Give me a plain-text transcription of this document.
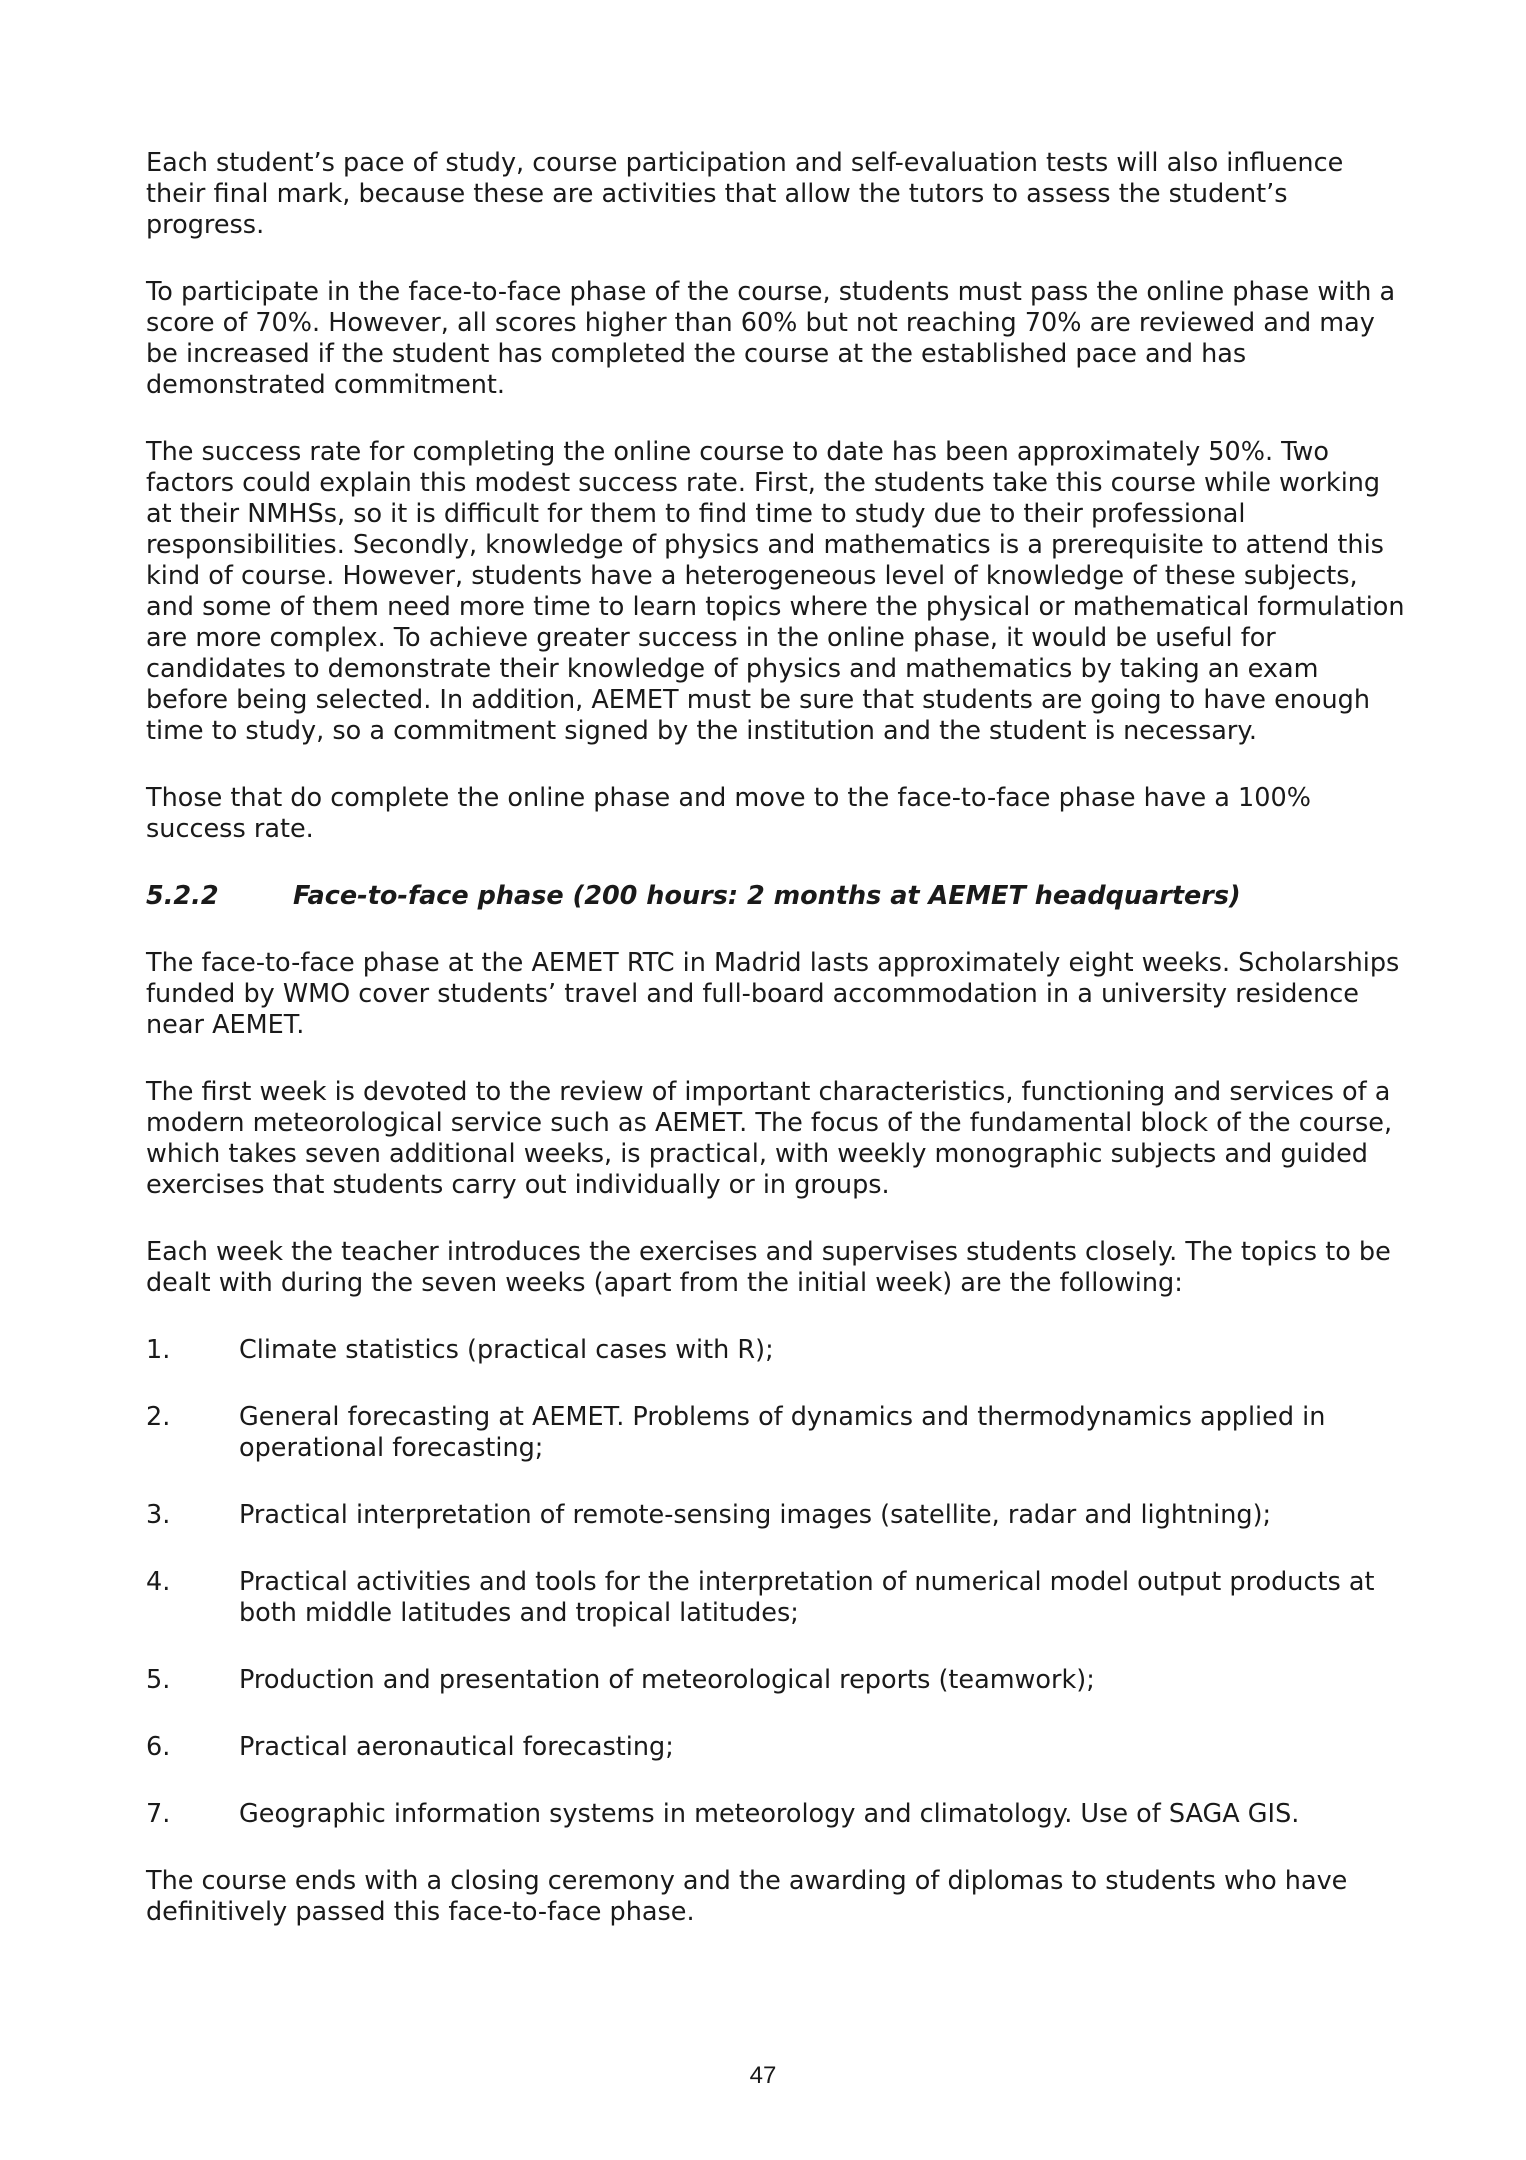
Each student’s pace of study, course participation and self-evaluation tests will also influence their final mark, because these are activities that allow the tutors to assess the student’s progress.

To participate in the face-to-face phase of the course, students must pass the online phase with a score of 70%. However, all scores higher than 60% but not reaching 70% are reviewed and may be increased if the student has completed the course at the established pace and has demonstrated commitment.

The success rate for completing the online course to date has been approximately 50%. Two factors could explain this modest success rate. First, the students take this course while working at their NMHSs, so it is difficult for them to find time to study due to their professional responsibilities. Secondly, knowledge of physics and mathematics is a prerequisite to attend this kind of course. However, students have a heterogeneous level of knowledge of these subjects, and some of them need more time to learn topics where the physical or mathematical formulation are more complex. To achieve greater success in the online phase, it would be useful for candidates to demonstrate their knowledge of physics and mathematics by taking an exam before being selected. In addition, AEMET must be sure that students are going to have enough time to study, so a commitment signed by the institution and the student is necessary.

Those that do complete the online phase and move to the face-to-face phase have a 100% success rate.

5.2.2	Face-to-face phase (200 hours: 2 months at AEMET headquarters)

The face-to-face phase at the AEMET RTC in Madrid lasts approximately eight weeks. Scholarships funded by WMO cover students’ travel and full-board accommodation in a university residence near AEMET.

The first week is devoted to the review of important characteristics, functioning and services of a modern meteorological service such as AEMET. The focus of the fundamental block of the course, which takes seven additional weeks, is practical, with weekly monographic subjects and guided exercises that students carry out individually or in groups.

Each week the teacher introduces the exercises and supervises students closely. The topics to be dealt with during the seven weeks (apart from the initial week) are the following:

1.	Climate statistics (practical cases with R);
2.	General forecasting at AEMET. Problems of dynamics and thermodynamics applied in operational forecasting;
3.	Practical interpretation of remote-sensing images (satellite, radar and lightning);
4.	Practical activities and tools for the interpretation of numerical model output products at both middle latitudes and tropical latitudes;
5.	Production and presentation of meteorological reports (teamwork);
6.	Practical aeronautical forecasting;
7.	Geographic information systems in meteorology and climatology. Use of SAGA GIS.

The course ends with a closing ceremony and the awarding of diplomas to students who have definitively passed this face-to-face phase.

47
